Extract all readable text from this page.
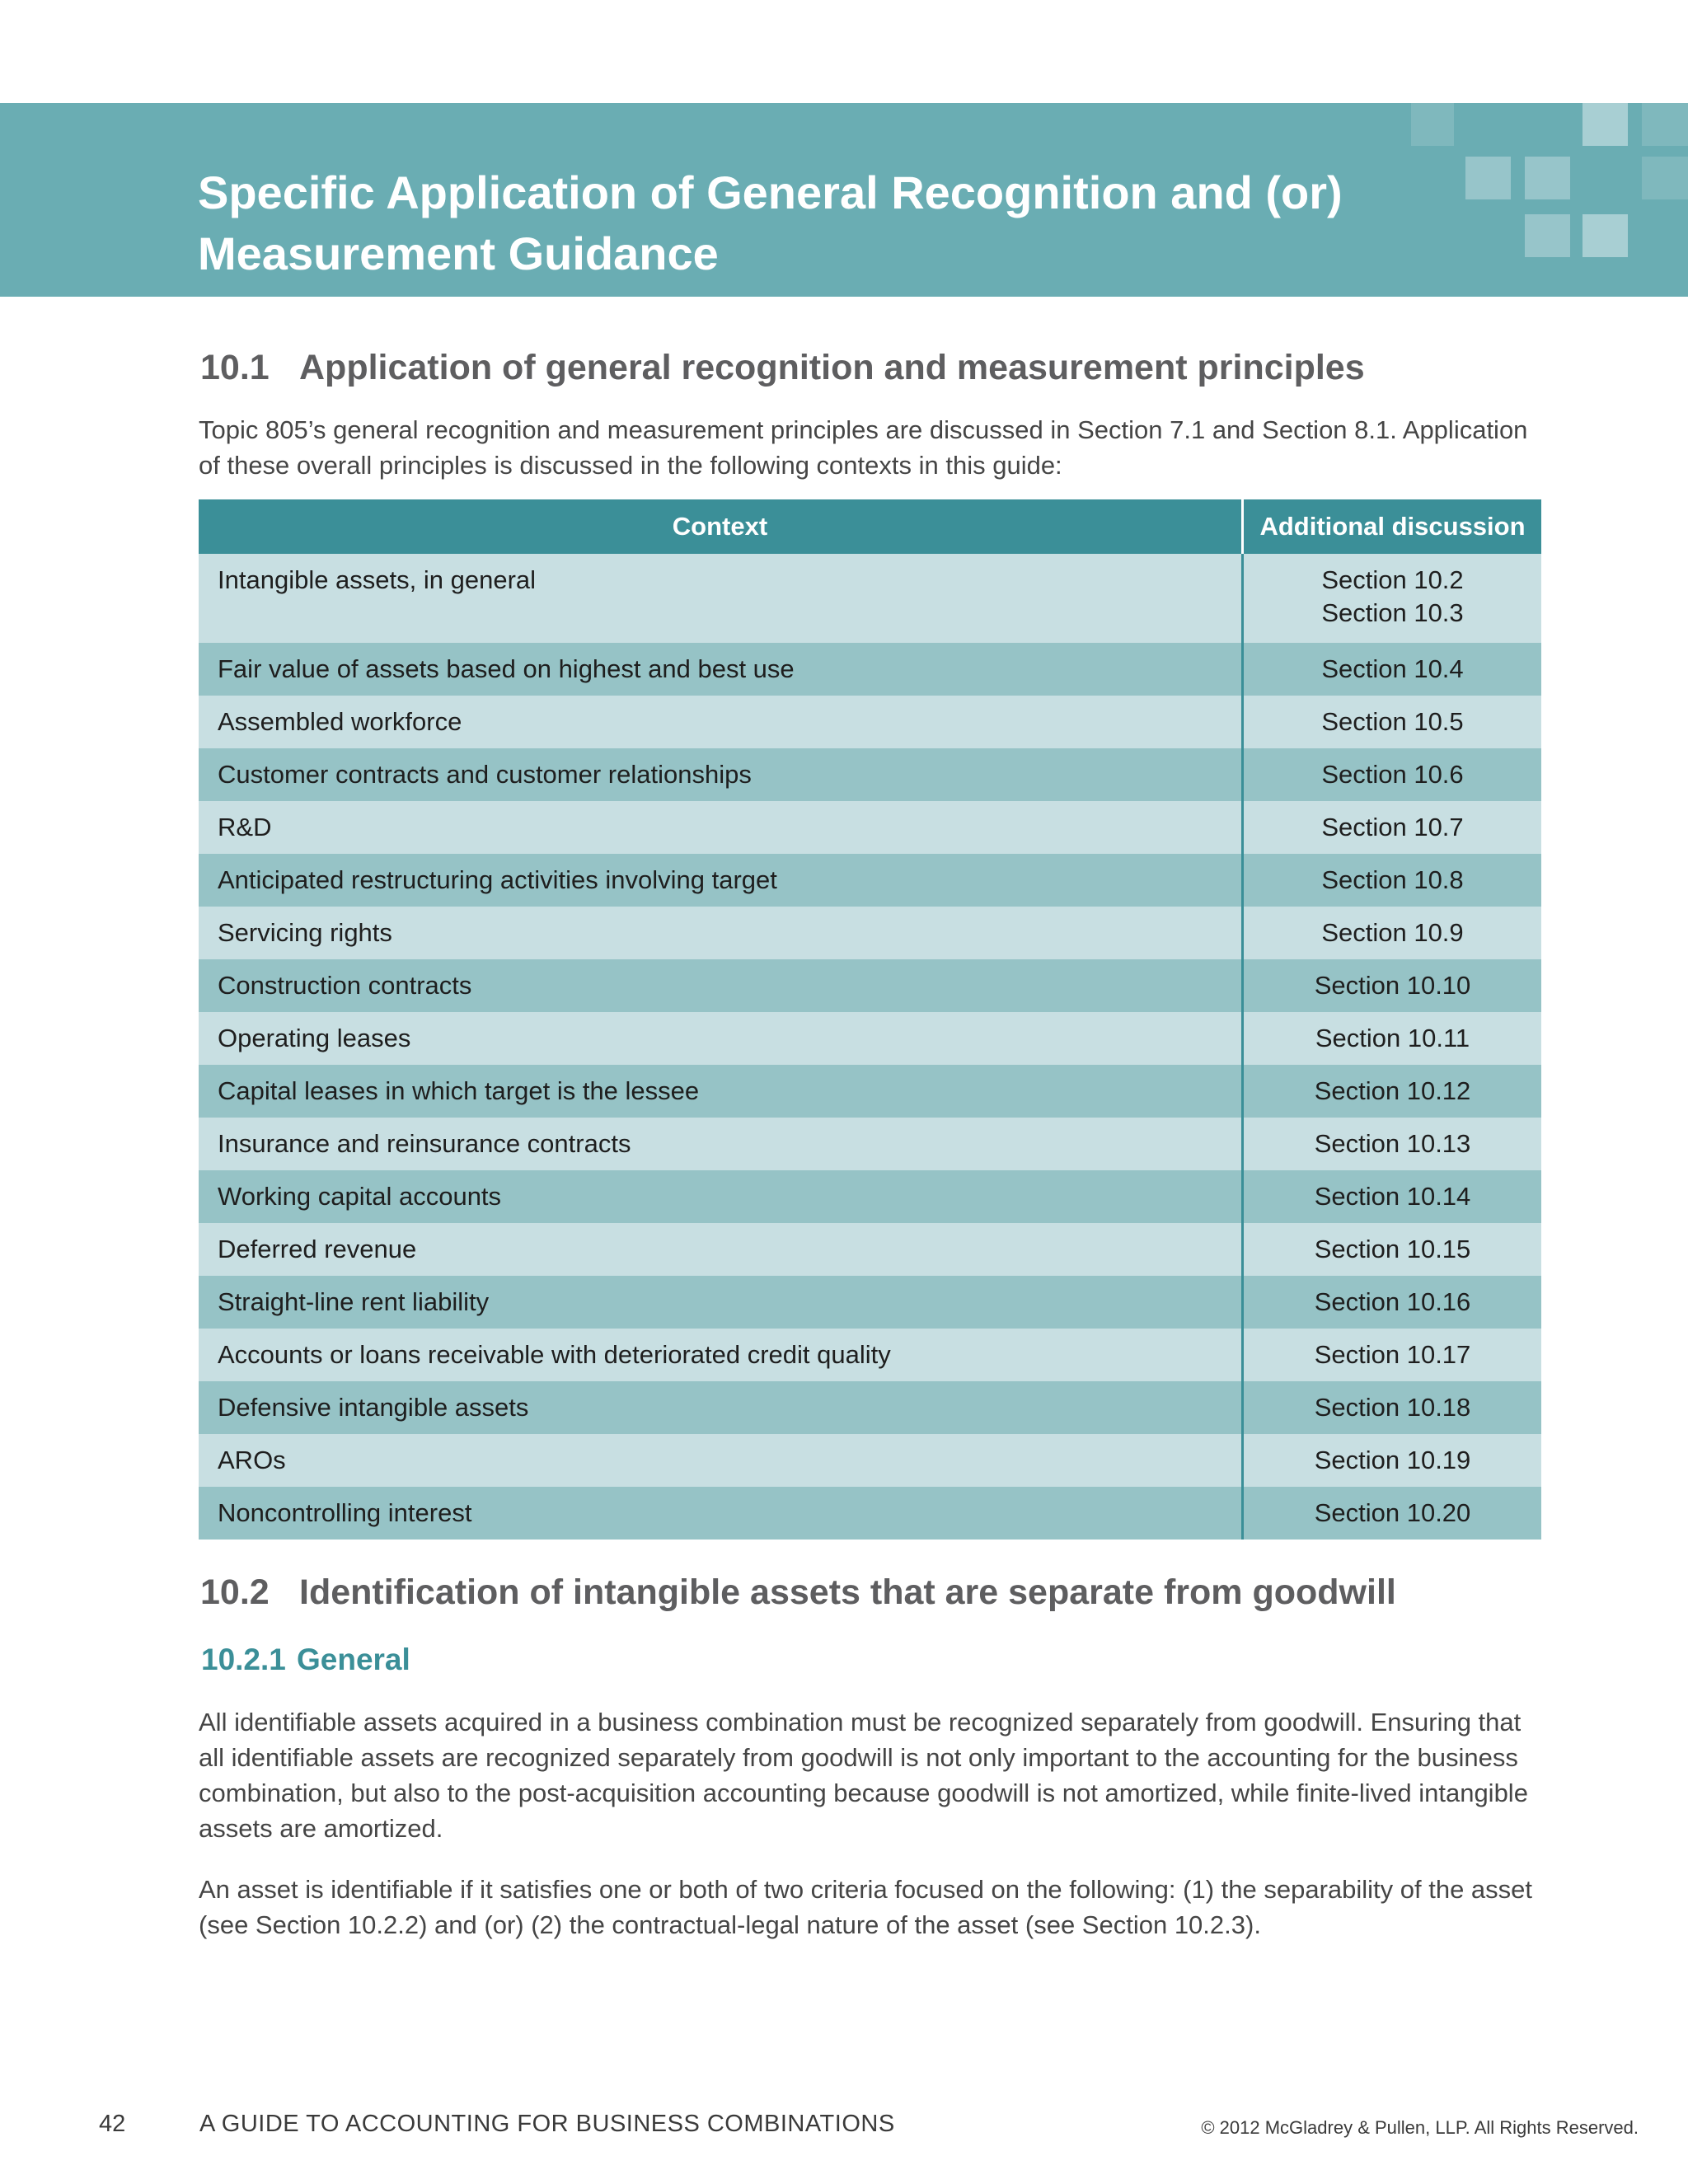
Specific Application of General Recognition and (or)
Measurement Guidance
10.1 Application of general recognition and measurement principles

Topic 805’s general recognition and measurement principles are discussed in Section 7.1 and Section 8.1. Application of these overall principles is discussed in the following contexts in this guide:

Context	Additional discussion
Intangible assets, in general	Section 10.2
Section 10.3

Fair value of assets based on highest and best use	Section 10.4
Assembled workforce	Section 10.5
Customer contracts and customer relationships	Section 10.6
R&D	Section 10.7
Anticipated restructuring activities involving target	Section 10.8
Servicing rights	Section 10.9
Construction contracts	Section 10.10
Operating leases	Section 10.11
Capital leases in which target is the lessee	Section 10.12
Insurance and reinsurance contracts	Section 10.13
Working capital accounts	Section 10.14
Deferred revenue	Section 10.15
Straight-line rent liability	Section 10.16
Accounts or loans receivable with deteriorated credit quality	Section 10.17
Defensive intangible assets	Section 10.18
AROs	Section 10.19
Noncontrolling interest	Section 10.20
10.2 Identification of intangible assets that are separate from goodwill
10.2.1 General

All identifiable assets acquired in a business combination must be recognized separately from goodwill. Ensuring that all identifiable assets are recognized separately from goodwill is not only important to the accounting for the business combination, but also to the post-acquisition accounting because goodwill is not amortized, while finite-lived intangible assets are amortized.

An asset is identifiable if it satisfies one or both of two criteria focused on the following: (1) the separability of the asset (see Section 10.2.2) and (or) (2) the contractual-legal nature of the asset (see Section 10.2.3).

42	A GUIDE TO ACCOUNTING FOR BUSINESS COMBINATIONS	© 2012 McGladrey & Pullen, LLP. All Rights Reserved.
